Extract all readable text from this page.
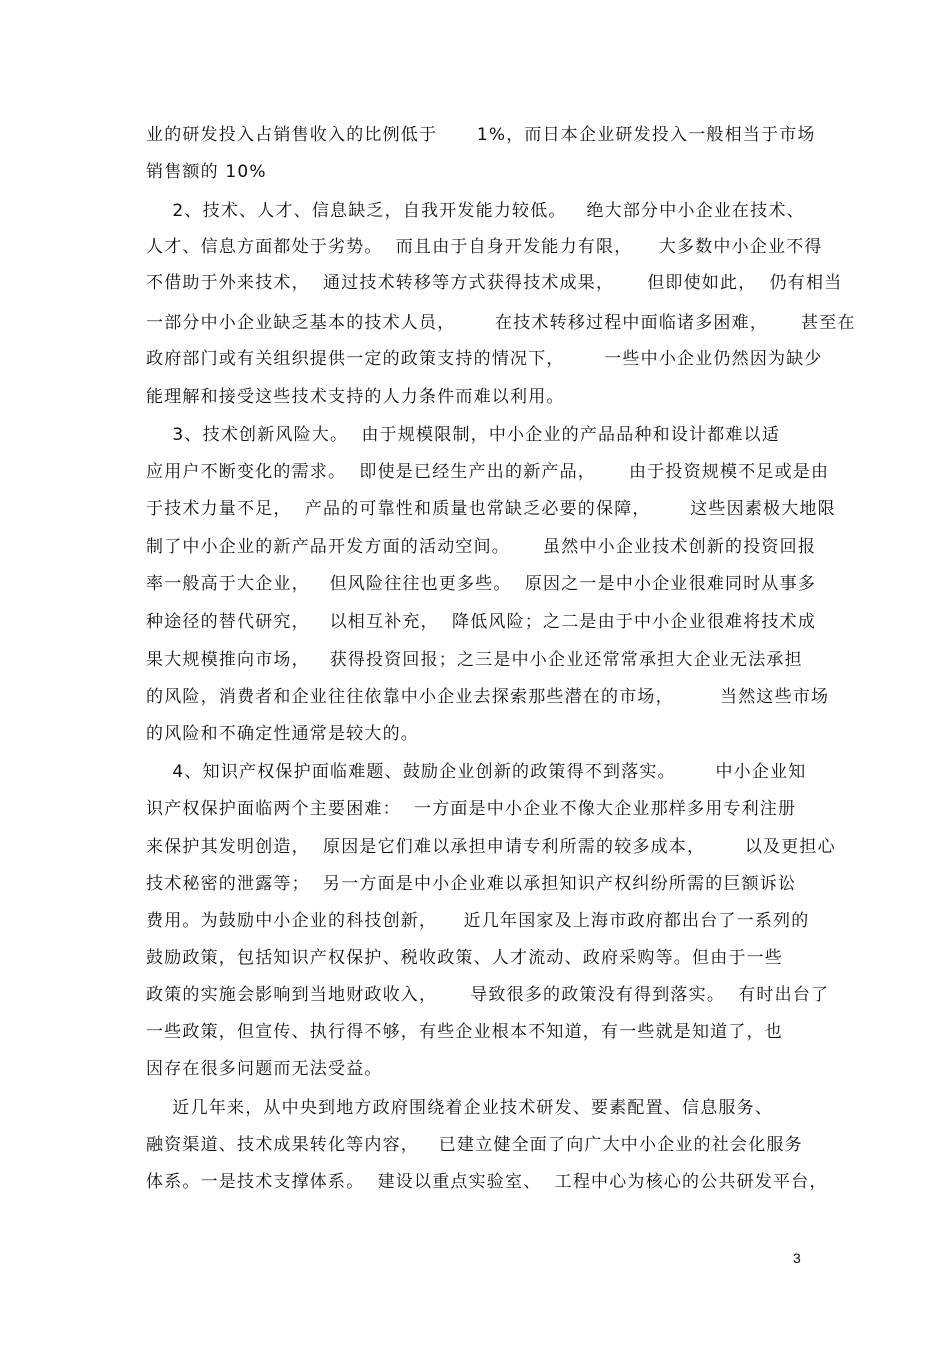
业的研发投入占销售收入的比例低于      1%，而日本企业研发投入一般相当于市场
销售额的 10%
2、技术、人才、信息缺乏，自我开发能力较低。   绝大部分中小企业在技术、
人才、信息方面都处于劣势。  而且由于自身开发能力有限，    大多数中小企业不得
不借助于外来技术，  通过技术转移等方式获得技术成果，     但即使如此，  仍有相当
一部分中小企业缺乏基本的技术人员，      在技术转移过程中面临诸多困难，     甚至在
政府部门或有关组织提供一定的政策支持的情况下，      一些中小企业仍然因为缺少
能理解和接受这些技术支持的人力条件而难以利用。
3、技术创新风险大。  由于规模限制，中小企业的产品品种和设计都难以适
应用户不断变化的需求。  即使是已经生产出的新产品，     由于投资规模不足或是由
于技术力量不足，  产品的可靠性和质量也常缺乏必要的保障，      这些因素极大地限
制了中小企业的新产品开发方面的活动空间。     虽然中小企业技术创新的投资回报
率一般高于大企业，   但风险往往也更多些。  原因之一是中小企业很难同时从事多
种途径的替代研究，   以相互补充，  降低风险；之二是由于中小企业很难将技术成
果大规模推向市场，   获得投资回报；之三是中小企业还常常承担大企业无法承担
的风险，消费者和企业往往依靠中小企业去探索那些潜在的市场，       当然这些市场
的风险和不确定性通常是较大的。
4、知识产权保护面临难题、鼓励企业创新的政策得不到落实。      中小企业知
识产权保护面临两个主要困难：  一方面是中小企业不像大企业那样多用专利注册
来保护其发明创造，  原因是它们难以承担申请专利所需的较多成本，      以及更担心
技术秘密的泄露等；  另一方面是中小企业难以承担知识产权纠纷所需的巨额诉讼
费用。为鼓励中小企业的科技创新，    近几年国家及上海市政府都出台了一系列的
鼓励政策，包括知识产权保护、税收政策、人才流动、政府采购等。但由于一些
政策的实施会影响到当地财政收入，     导致很多的政策没有得到落实。  有时出台了
一些政策，但宣传、执行得不够，有些企业根本不知道，有一些就是知道了，也
因存在很多问题而无法受益。
近几年来，从中央到地方政府围绕着企业技术研发、要素配置、信息服务、
融资渠道、技术成果转化等内容，   已建立健全面了向广大中小企业的社会化服务
体系。一是技术支撑体系。  建设以重点实验室、  工程中心为核心的公共研发平台，
3
